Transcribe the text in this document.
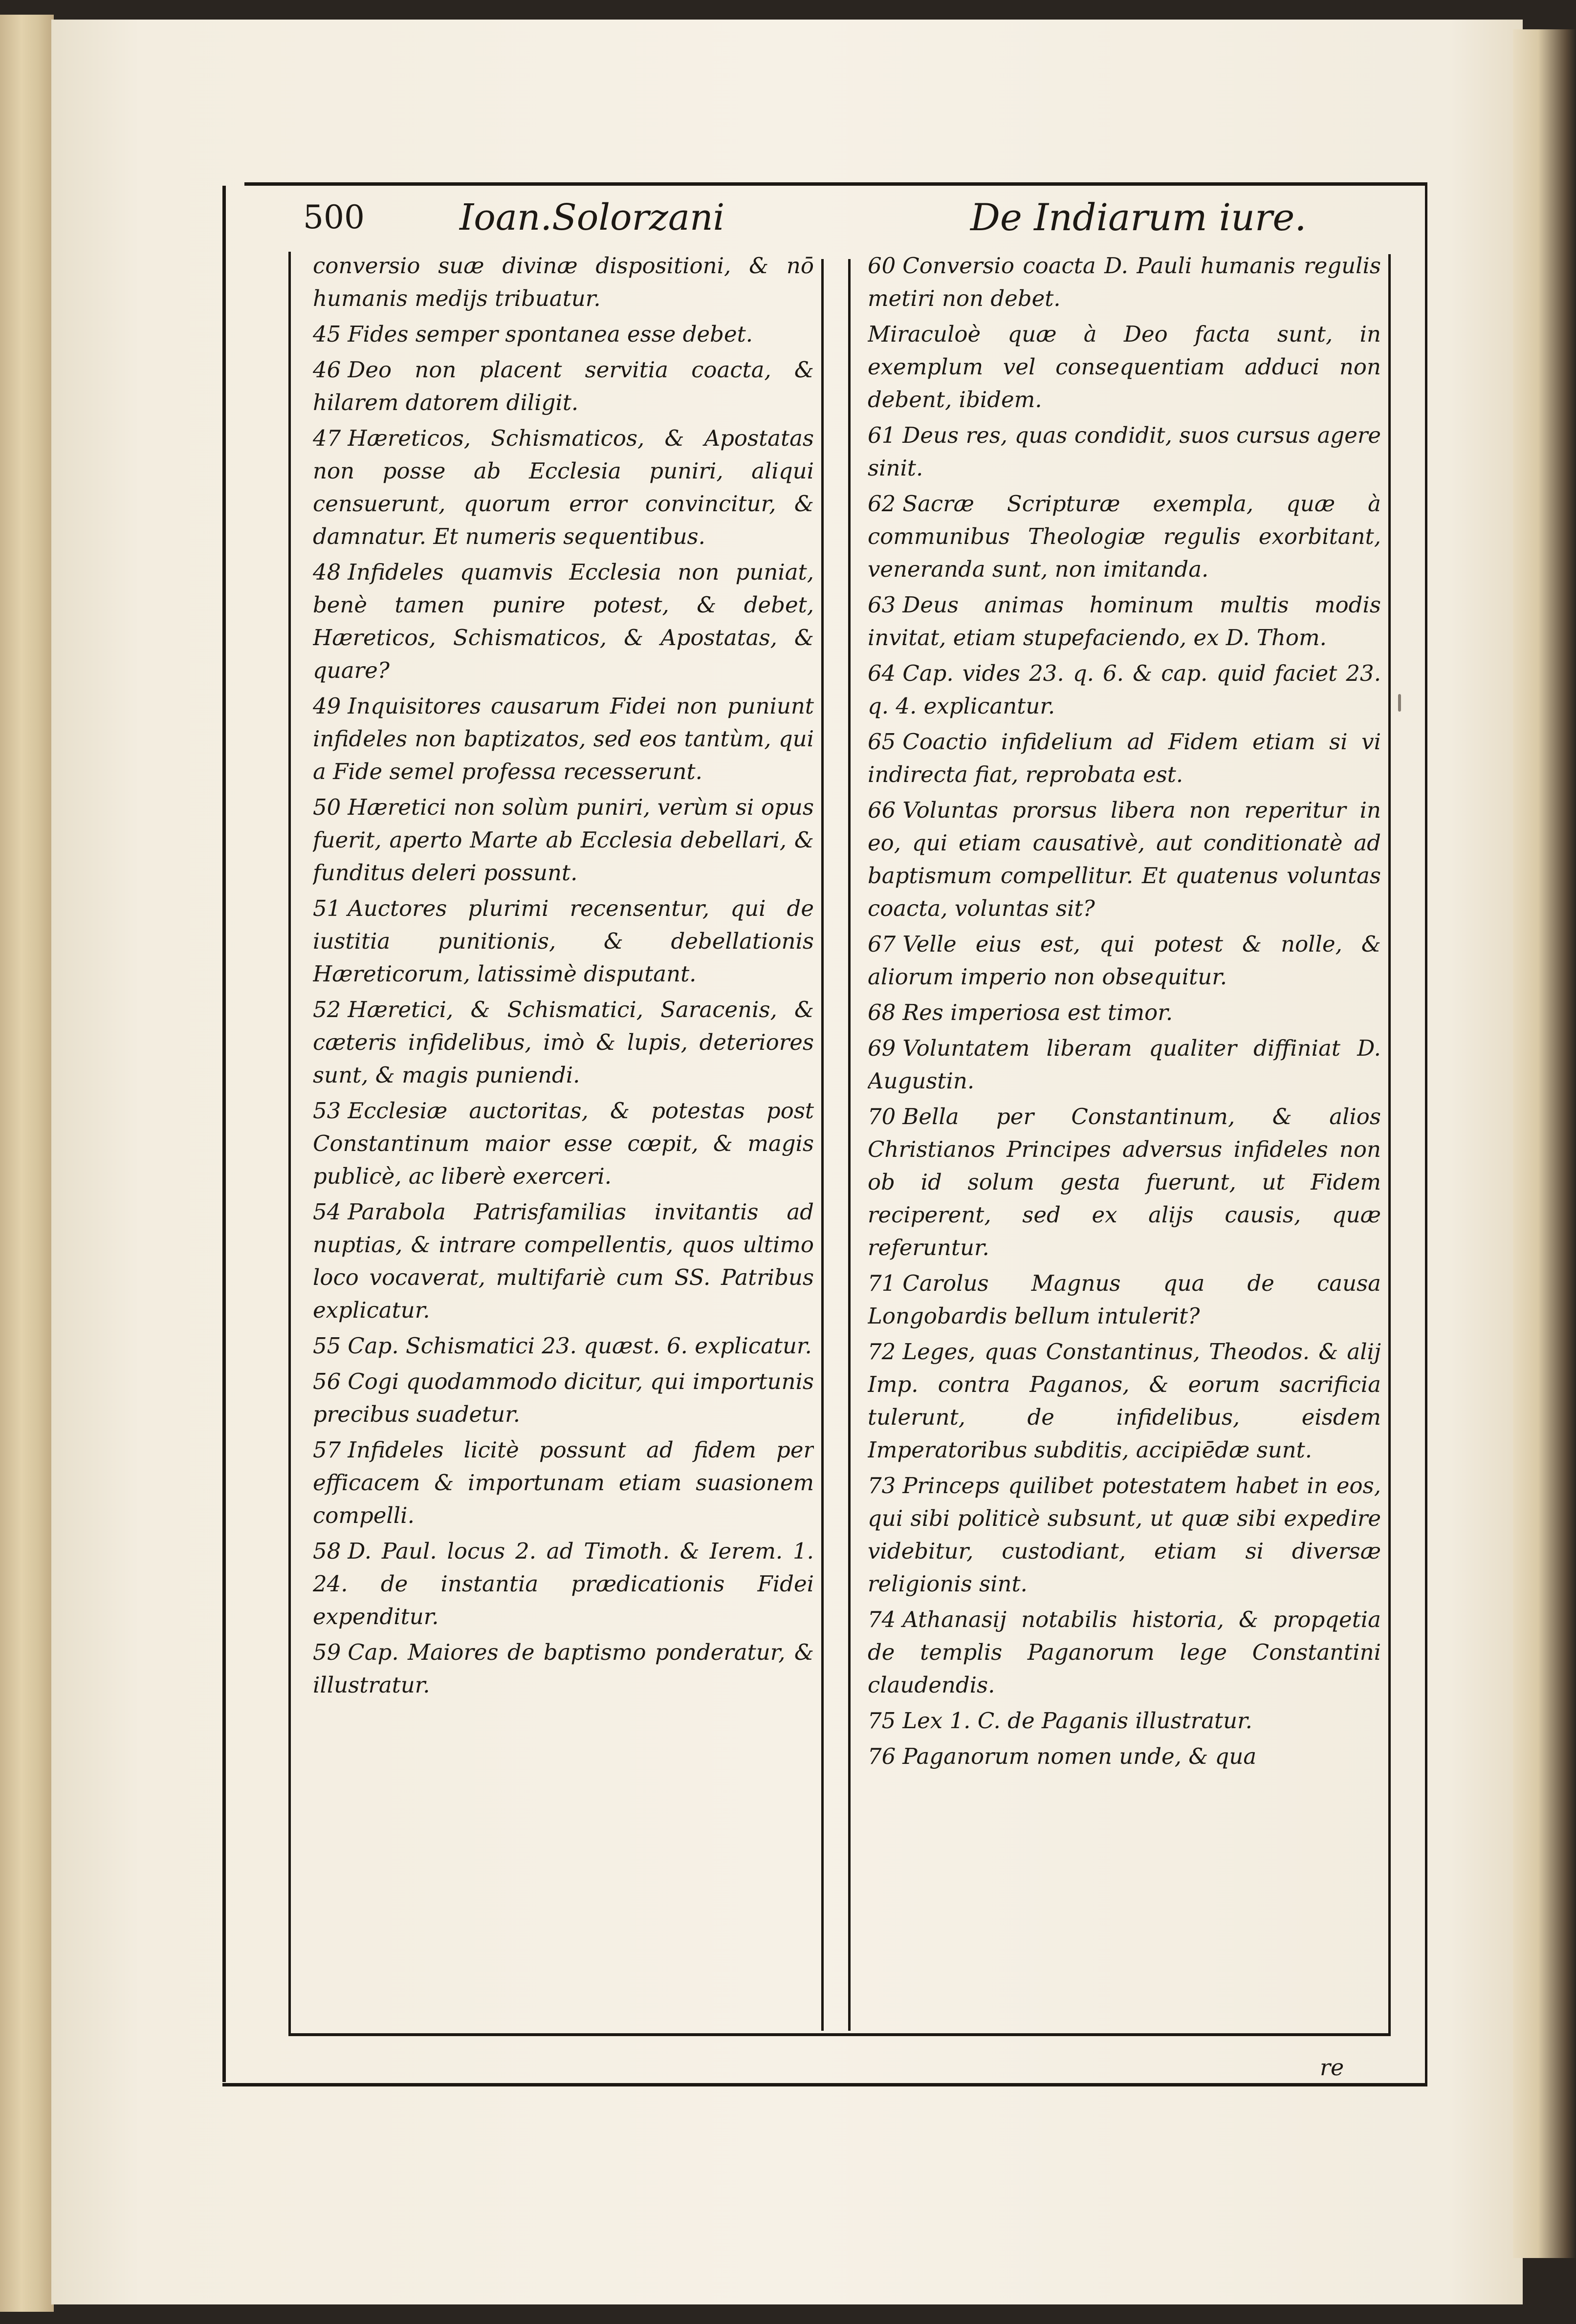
500	Ioan.Solorzani	De Indiarum iure.

conversio suæ divinæ dispositioni, & nō humanis medijs tribuatur.

45 Fides semper spontanea esse debet.

46 Deo non placent servitia coacta, & hilarem datorem diligit.

47 Hæreticos, Schismaticos, & Apostatas non posse ab Ecclesia puniri, aliqui censuerunt, quorum error convincitur, & damnatur. Et numeris sequentibus.

48 Infideles quamvis Ecclesia non puniat, benè tamen punire potest, & debet, Hæreticos, Schismaticos, & Apostatas, & quare?

49 Inquisitores causarum Fidei non puniunt infideles non baptizatos, sed eos tantùm, qui a Fide semel professa recesserunt.

50 Hæretici non solùm puniri, verùm si opus fuerit, aperto Marte ab Ecclesia debellari, & funditus deleri possunt.

51 Auctores plurimi recensentur, qui de iustitia punitionis, & debellationis Hæreticorum, latissimè disputant.

52 Hæretici, & Schismatici, Saracenis, & cæteris infidelibus, imò & lupis, deteriores sunt, & magis puniendi.

53 Ecclesiæ auctoritas, & potestas post Constantinum maior esse cœpit, & magis publicè, ac liberè exerceri.

54 Parabola Patrisfamilias invitantis ad nuptias, & intrare compellentis, quos ultimo loco vocaverat, multifariè cum SS. Patribus explicatur.

55 Cap. Schismatici 23. quæst. 6. explicatur.

56 Cogi quodammodo dicitur, qui importunis precibus suadetur.

57 Infideles licitè possunt ad fidem per efficacem & importunam etiam suasionem compelli.

58 D. Paul. locus 2. ad Timoth. & Ierem. 1. 24. de instantia prædicationis Fidei expenditur.

59 Cap. Maiores de baptismo ponderatur, & illustratur.

60 Conversio coacta D. Pauli humanis regulis metiri non debet.

Miraculoè quæ à Deo facta sunt, in exemplum vel consequentiam adduci non debent, ibidem.

61 Deus res, quas condidit, suos cursus agere sinit.

62 Sacræ Scripturæ exempla, quæ à communibus Theologiæ regulis exorbitant, veneranda sunt, non imitanda.

63 Deus animas hominum multis modis invitat, etiam stupefaciendo, ex D. Thom.

64 Cap. vides 23. q. 6. & cap. quid faciet 23. q. 4. explicantur.

65 Coactio infidelium ad Fidem etiam si vi indirecta fiat, reprobata est.

66 Voluntas prorsus libera non reperitur in eo, qui etiam causativè, aut conditionatè ad baptismum compellitur. Et quatenus voluntas coacta, voluntas sit?

67 Velle eius est, qui potest & nolle, & aliorum imperio non obsequitur.

68 Res imperiosa est timor.

69 Voluntatem liberam qualiter diffiniat D. Augustin.

70 Bella per Constantinum, & alios Christianos Principes adversus infideles non ob id solum gesta fuerunt, ut Fidem reciperent, sed ex alijs causis, quæ referuntur.

71 Carolus Magnus qua de causa Longobardis bellum intulerit?

72 Leges, quas Constantinus, Theodos. & alij Imp. contra Paganos, & eorum sacrificia tulerunt, de infidelibus, eisdem Imperatoribus subditis, accipiēdæ sunt.

73 Princeps quilibet potestatem habet in eos, qui sibi politicè subsunt, ut quæ sibi expedire videbitur, custodiant, etiam si diversæ religionis sint.

74 Athanasij notabilis historia, & propqetia de templis Paganorum lege Constantini claudendis.

75 Lex 1. C. de Paganis illustratur.

76 Paganorum nomen unde, & qua

re
